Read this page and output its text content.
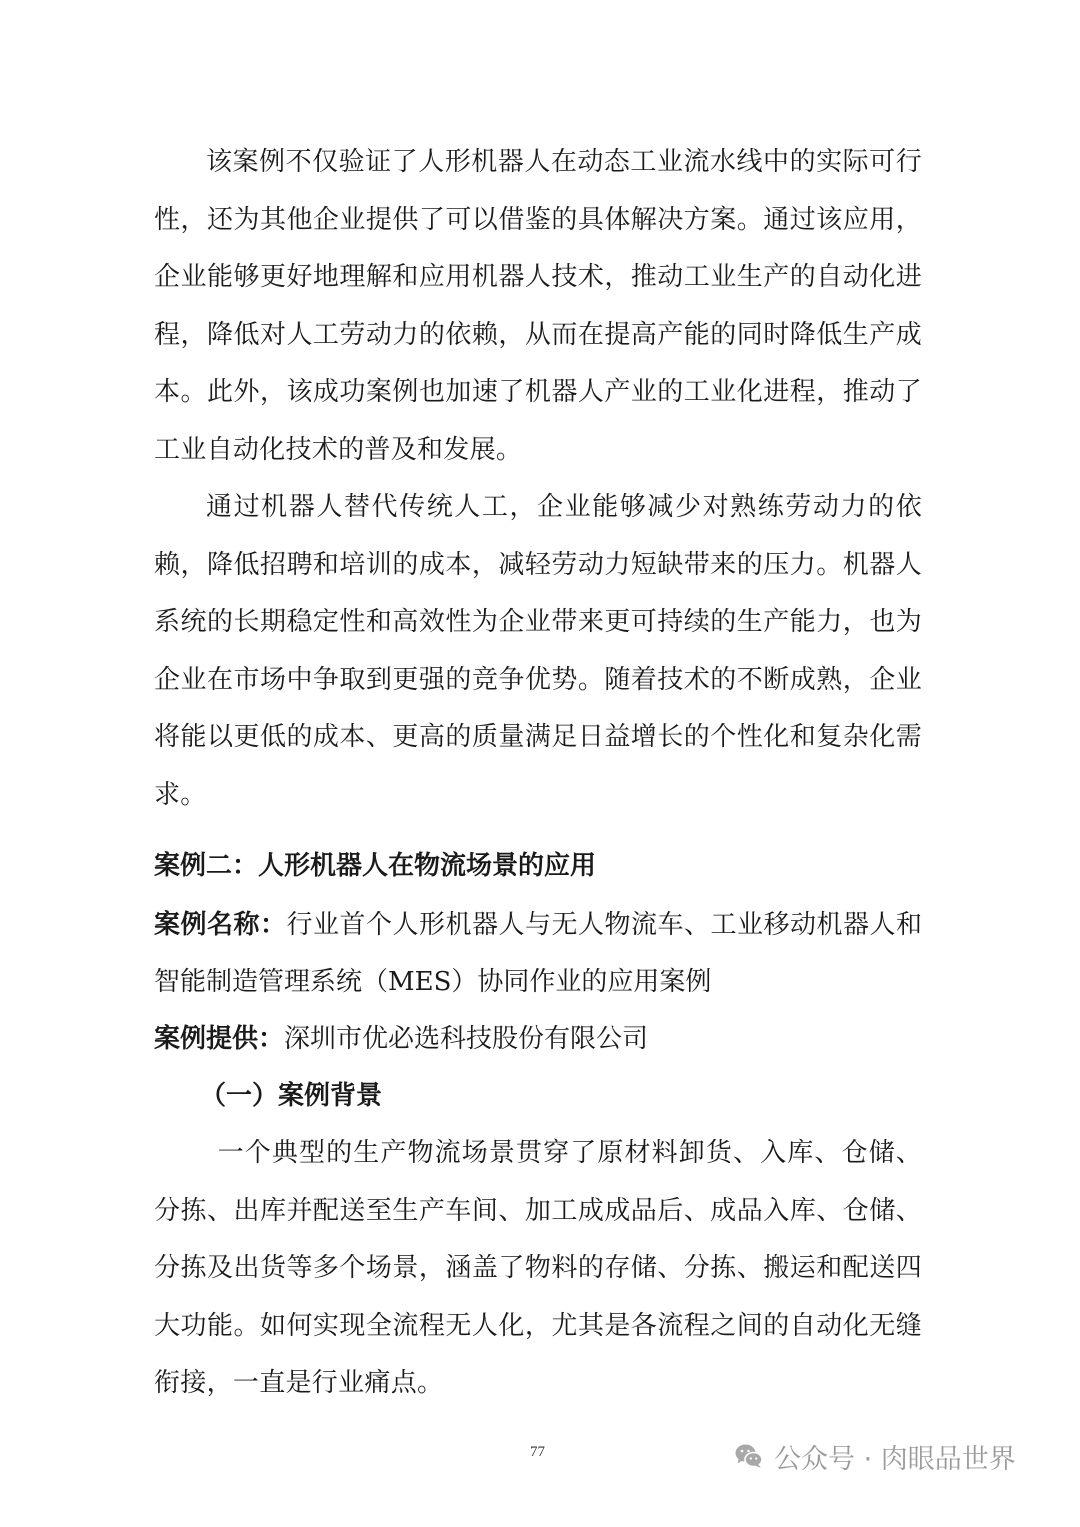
该案例不仅验证了人形机器人在动态工业流水线中的实际可行性，还为其他企业提供了可以借鉴的具体解决方案。通过该应用，企业能够更好地理解和应用机器人技术，推动工业生产的自动化进程，降低对人工劳动力的依赖，从而在提高产能的同时降低生产成本。此外，该成功案例也加速了机器人产业的工业化进程，推动了工业自动化技术的普及和发展。

通过机器人替代传统人工，企业能够减少对熟练劳动力的依赖，降低招聘和培训的成本，减轻劳动力短缺带来的压力。机器人系统的长期稳定性和高效性为企业带来更可持续的生产能力，也为企业在市场中争取到更强的竞争优势。随着技术的不断成熟，企业将能以更低的成本、更高的质量满足日益增长的个性化和复杂化需求。

案例二：人形机器人在物流场景的应用

案例名称：行业首个人形机器人与无人物流车、工业移动机器人和智能制造管理系统（MES）协同作业的应用案例

案例提供：深圳市优必选科技股份有限公司

（一）案例背景

一个典型的生产物流场景贯穿了原材料卸货、入库、仓储、分拣、出库并配送至生产车间、加工成成品后、成品入库、仓储、分拣及出货等多个场景，涵盖了物料的存储、分拣、搬运和配送四大功能。如何实现全流程无人化，尤其是各流程之间的自动化无缝衔接，一直是行业痛点。

77	公众号 · 肉眼品世界
